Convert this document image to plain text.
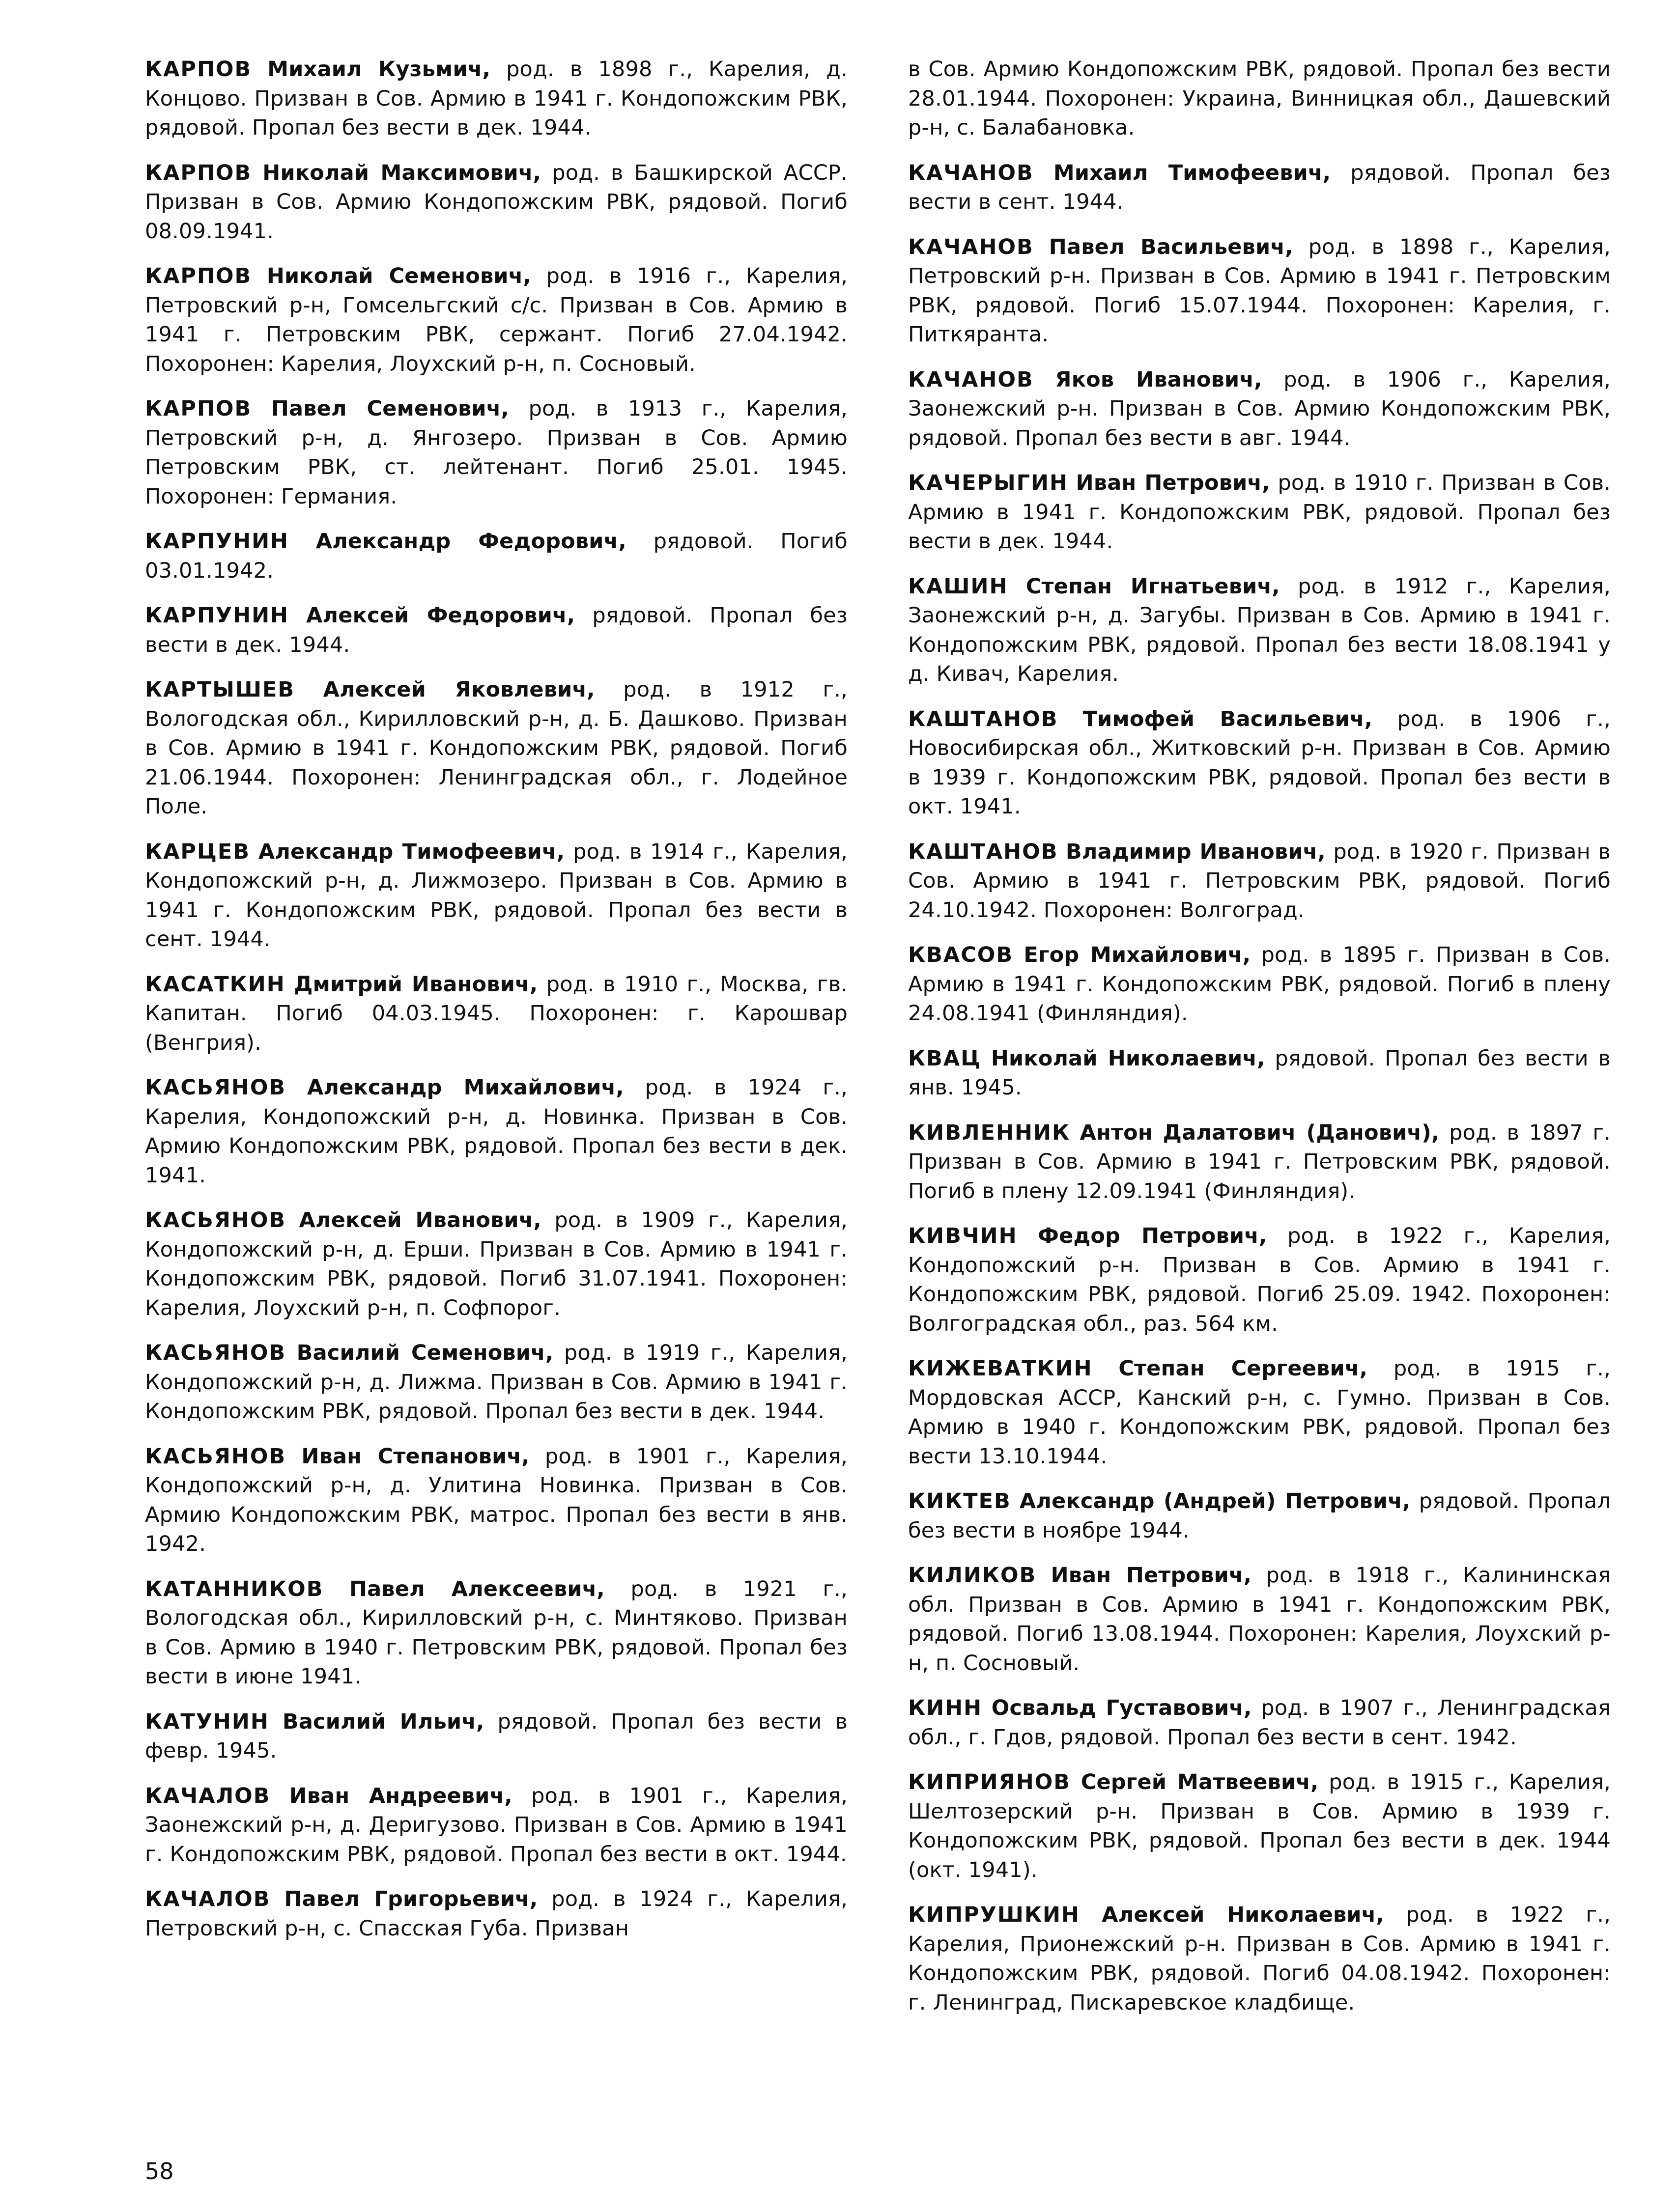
КАРПОВ Михаил Кузьмич, род. в 1898 г., Карелия, д. Концово. Призван в Сов. Армию в 1941 г. Кондопожским РВК, рядовой. Пропал без вести в дек. 1944.

КАРПОВ Николай Максимович, род. в Башкирской АССР. Призван в Сов. Армию Кондопожским РВК, рядовой. Погиб 08.09.1941.

КАРПОВ Николай Семенович, род. в 1916 г., Карелия, Петровский р-н, Гомсельгский с/с. Призван в Сов. Армию в 1941 г. Петровским РВК, сержант. Погиб 27.04.1942. Похоронен: Карелия, Лоухский р-н, п. Сосновый.

КАРПОВ Павел Семенович, род. в 1913 г., Карелия, Петровский р-н, д. Янгозеро. Призван в Сов. Армию Петровским РВК, ст. лейтенант. Погиб 25.01. 1945. Похоронен: Германия.

КАРПУНИН Александр Федорович, рядовой. Погиб 03.01.1942.

КАРПУНИН Алексей Федорович, рядовой. Пропал без вести в дек. 1944.

КАРТЫШЕВ Алексей Яковлевич, род. в 1912 г., Вологодская обл., Кирилловский р-н, д. Б. Дашково. Призван в Сов. Армию в 1941 г. Кондопожским РВК, рядовой. Погиб 21.06.1944. Похоронен: Ленинградская обл., г. Лодейное Поле.

КАРЦЕВ Александр Тимофеевич, род. в 1914 г., Карелия, Кондопожский р-н, д. Лижмозеро. Призван в Сов. Армию в 1941 г. Кондопожским РВК, рядовой. Пропал без вести в сент. 1944.

КАСАТКИН Дмитрий Иванович, род. в 1910 г., Москва, гв. Капитан. Погиб 04.03.1945. Похоронен: г. Карошвар (Венгрия).

КАСЬЯНОВ Александр Михайлович, род. в 1924 г., Карелия, Кондопожский р-н, д. Новинка. Призван в Сов. Армию Кондопожским РВК, рядовой. Пропал без вести в дек. 1941.

КАСЬЯНОВ Алексей Иванович, род. в 1909 г., Карелия, Кондопожский р-н, д. Ерши. Призван в Сов. Армию в 1941 г. Кондопожским РВК, рядовой. Погиб 31.07.1941. Похоронен: Карелия, Лоухский р-н, п. Софпорог.

КАСЬЯНОВ Василий Семенович, род. в 1919 г., Карелия, Кондопожский р-н, д. Лижма. Призван в Сов. Армию в 1941 г. Кондопожским РВК, рядовой. Пропал без вести в дек. 1944.

КАСЬЯНОВ Иван Степанович, род. в 1901 г., Карелия, Кондопожский р-н, д. Улитина Новинка. Призван в Сов. Армию Кондопожским РВК, матрос. Пропал без вести в янв. 1942.

КАТАННИКОВ Павел Алексеевич, род. в 1921 г., Вологодская обл., Кирилловский р-н, с. Минтяково. Призван в Сов. Армию в 1940 г. Петровским РВК, рядовой. Пропал без вести в июне 1941.

КАТУНИН Василий Ильич, рядовой. Пропал без вести в февр. 1945.

КАЧАЛОВ Иван Андреевич, род. в 1901 г., Карелия, Заонежский р-н, д. Деригузово. Призван в Сов. Армию в 1941 г. Кондопожским РВК, рядовой. Пропал без вести в окт. 1944.

КАЧАЛОВ Павел Григорьевич, род. в 1924 г., Карелия, Петровский р-н, с. Спасская Губа. Призван

в Сов. Армию Кондопожским РВК, рядовой. Пропал без вести 28.01.1944. Похоронен: Украина, Винницкая обл., Дашевский р-н, с. Балабановка.

КАЧАНОВ Михаил Тимофеевич, рядовой. Пропал без вести в сент. 1944.

КАЧАНОВ Павел Васильевич, род. в 1898 г., Карелия, Петровский р-н. Призван в Сов. Армию в 1941 г. Петровским РВК, рядовой. Погиб 15.07.1944. Похоронен: Карелия, г. Питкяранта.

КАЧАНОВ Яков Иванович, род. в 1906 г., Карелия, Заонежский р-н. Призван в Сов. Армию Кондопожским РВК, рядовой. Пропал без вести в авг. 1944.

КАЧЕРЫГИН Иван Петрович, род. в 1910 г. Призван в Сов. Армию в 1941 г. Кондопожским РВК, рядовой. Пропал без вести в дек. 1944.

КАШИН Степан Игнатьевич, род. в 1912 г., Карелия, Заонежский р-н, д. Загубы. Призван в Сов. Армию в 1941 г. Кондопожским РВК, рядовой. Пропал без вести 18.08.1941 у д. Кивач, Карелия.

КАШТАНОВ Тимофей Васильевич, род. в 1906 г., Новосибирская обл., Житковский р-н. Призван в Сов. Армию в 1939 г. Кондопожским РВК, рядовой. Пропал без вести в окт. 1941.

КАШТАНОВ Владимир Иванович, род. в 1920 г. Призван в Сов. Армию в 1941 г. Петровским РВК, рядовой. Погиб 24.10.1942. Похоронен: Волгоград.

КВАСОВ Егор Михайлович, род. в 1895 г. Призван в Сов. Армию в 1941 г. Кондопожским РВК, рядовой. Погиб в плену 24.08.1941 (Финляндия).

КВАЦ Николай Николаевич, рядовой. Пропал без вести в янв. 1945.

КИВЛЕННИК Антон Далатович (Данович), род. в 1897 г. Призван в Сов. Армию в 1941 г. Петровским РВК, рядовой. Погиб в плену 12.09.1941 (Финляндия).

КИВЧИН Федор Петрович, род. в 1922 г., Карелия, Кондопожский р-н. Призван в Сов. Армию в 1941 г. Кондопожским РВК, рядовой. Погиб 25.09. 1942. Похоронен: Волгоградская обл., раз. 564 км.

КИЖЕВАТКИН Степан Сергеевич, род. в 1915 г., Мордовская АССР, Канский р-н, с. Гумно. Призван в Сов. Армию в 1940 г. Кондопожским РВК, рядовой. Пропал без вести 13.10.1944.

КИКТЕВ Александр (Андрей) Петрович, рядовой. Пропал без вести в ноябре 1944.

КИЛИКОВ Иван Петрович, род. в 1918 г., Калининская обл. Призван в Сов. Армию в 1941 г. Кондопожским РВК, рядовой. Погиб 13.08.1944. Похоронен: Карелия, Лоухский р-н, п. Сосновый.

КИНН Освальд Густавович, род. в 1907 г., Ленинградская обл., г. Гдов, рядовой. Пропал без вести в сент. 1942.

КИПРИЯНОВ Сергей Матвеевич, род. в 1915 г., Карелия, Шелтозерский р-н. Призван в Сов. Армию в 1939 г. Кондопожским РВК, рядовой. Пропал без вести в дек. 1944 (окт. 1941).

КИПРУШКИН Алексей Николаевич, род. в 1922 г., Карелия, Прионежский р-н. Призван в Сов. Армию в 1941 г. Кондопожским РВК, рядовой. Погиб 04.08.1942. Похоронен: г. Ленинград, Пискаревское кладбище.

58
